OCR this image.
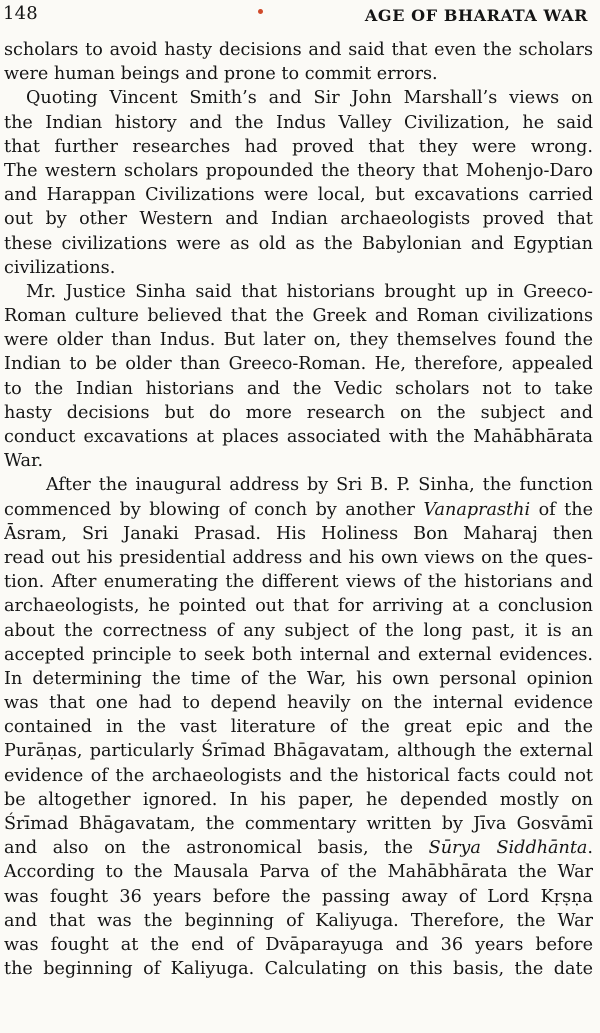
148	AGE OF BHARATA WAR
scholars to avoid hasty decisions and said that even the scholars
were human beings and prone to commit errors.
Quoting Vincent Smith’s and Sir John Marshall’s views on
the Indian history and the Indus Valley Civilization, he said
that further researches had proved that they were wrong.
The western scholars propounded the theory that Mohenjo-Daro
and Harappan Civilizations were local, but excavations carried
out by other Western and Indian archaeologists proved that
these civilizations were as old as the Babylonian and Egyptian
civilizations.
Mr. Justice Sinha said that historians brought up in Greeco-
Roman culture believed that the Greek and Roman civilizations
were older than Indus. But later on, they themselves found the
Indian to be older than Greeco-Roman. He, therefore, appealed
to the Indian historians and the Vedic scholars not to take
hasty decisions but do more research on the subject and
conduct excavations at places associated with the Mahābhārata
War.
After the inaugural address by Sri B. P. Sinha, the function
commenced by blowing of conch by another Vanaprasthi of the
Āsram, Sri Janaki Prasad. His Holiness Bon Maharaj then
read out his presidential address and his own views on the ques-
tion. After enumerating the different views of the historians and
archaeologists, he pointed out that for arriving at a conclusion
about the correctness of any subject of the long past, it is an
accepted principle to seek both internal and external evidences.
In determining the time of the War, his own personal opinion
was that one had to depend heavily on the internal evidence
contained in the vast literature of the great epic and the
Purāṇas, particularly Śrīmad Bhāgavatam, although the external
evidence of the archaeologists and the historical facts could not
be altogether ignored. In his paper, he depended mostly on
Śrīmad Bhāgavatam, the commentary written by Jīva Gosvāmī
and also on the astronomical basis, the Sūrya Siddhānta.
According to the Mausala Parva of the Mahābhārata the War
was fought 36 years before the passing away of Lord Kṛṣṇa
and that was the beginning of Kaliyuga. Therefore, the War
was fought at the end of Dvāparayuga and 36 years before
the beginning of Kaliyuga. Calculating on this basis, the date
